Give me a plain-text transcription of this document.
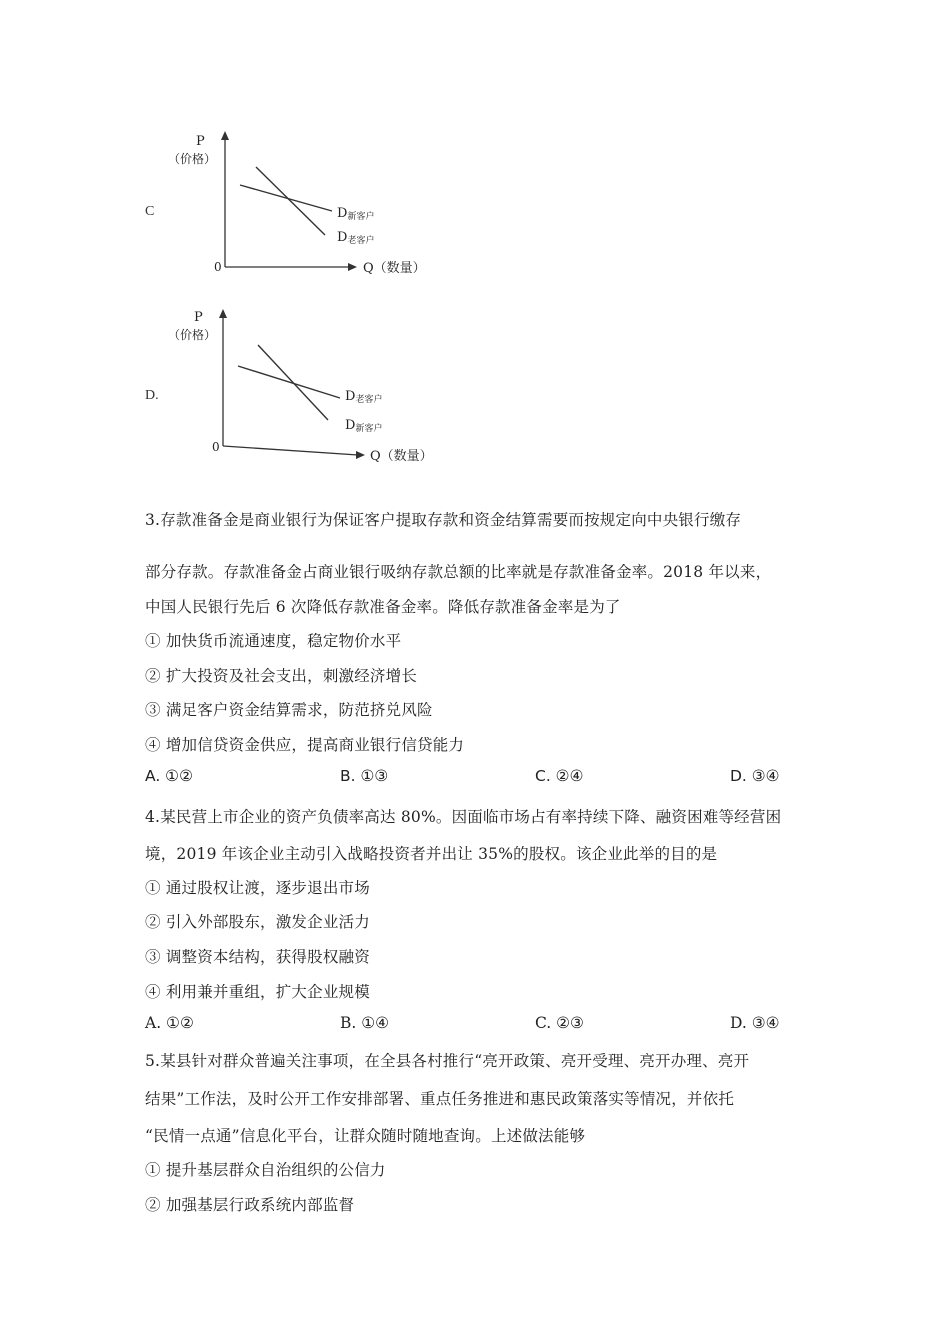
C
P
（价格）
0	Q（数量）
D新客户
D老客户
D.
P
（价格）
0
Q（数量）
D老客户
D新客户
3.存款准备金是商业银行为保证客户提取存款和资金结算需要而按规定向中央银行缴存
部分存款。存款准备金占商业银行吸纳存款总额的比率就是存款准备金率。2018 年以来，
中国人民银行先后 6 次降低存款准备金率。降低存款准备金率是为了
① 加快货币流通速度，稳定物价水平
② 扩大投资及社会支出，刺激经济增长
③ 满足客户资金结算需求，防范挤兑风险
④ 增加信贷资金供应，提高商业银行信贷能力
A. ①②	B. ①③	C. ②④	D. ③④
4.某民营上市企业的资产负债率高达 80%。因面临市场占有率持续下降、融资困难等经营困
境，2019 年该企业主动引入战略投资者并出让 35%的股权。该企业此举的目的是
① 通过股权让渡，逐步退出市场
② 引入外部股东，激发企业活力
③ 调整资本结构，获得股权融资
④ 利用兼并重组，扩大企业规模
A. ①②	B. ①④	C. ②③	D. ③④
5.某县针对群众普遍关注事项，在全县各村推行“亮开政策、亮开受理、亮开办理、亮开
结果”工作法，及时公开工作安排部署、重点任务推进和惠民政策落实等情况，并依托
“民情一点通”信息化平台，让群众随时随地查询。上述做法能够
① 提升基层群众自治组织的公信力
② 加强基层行政系统内部监督
